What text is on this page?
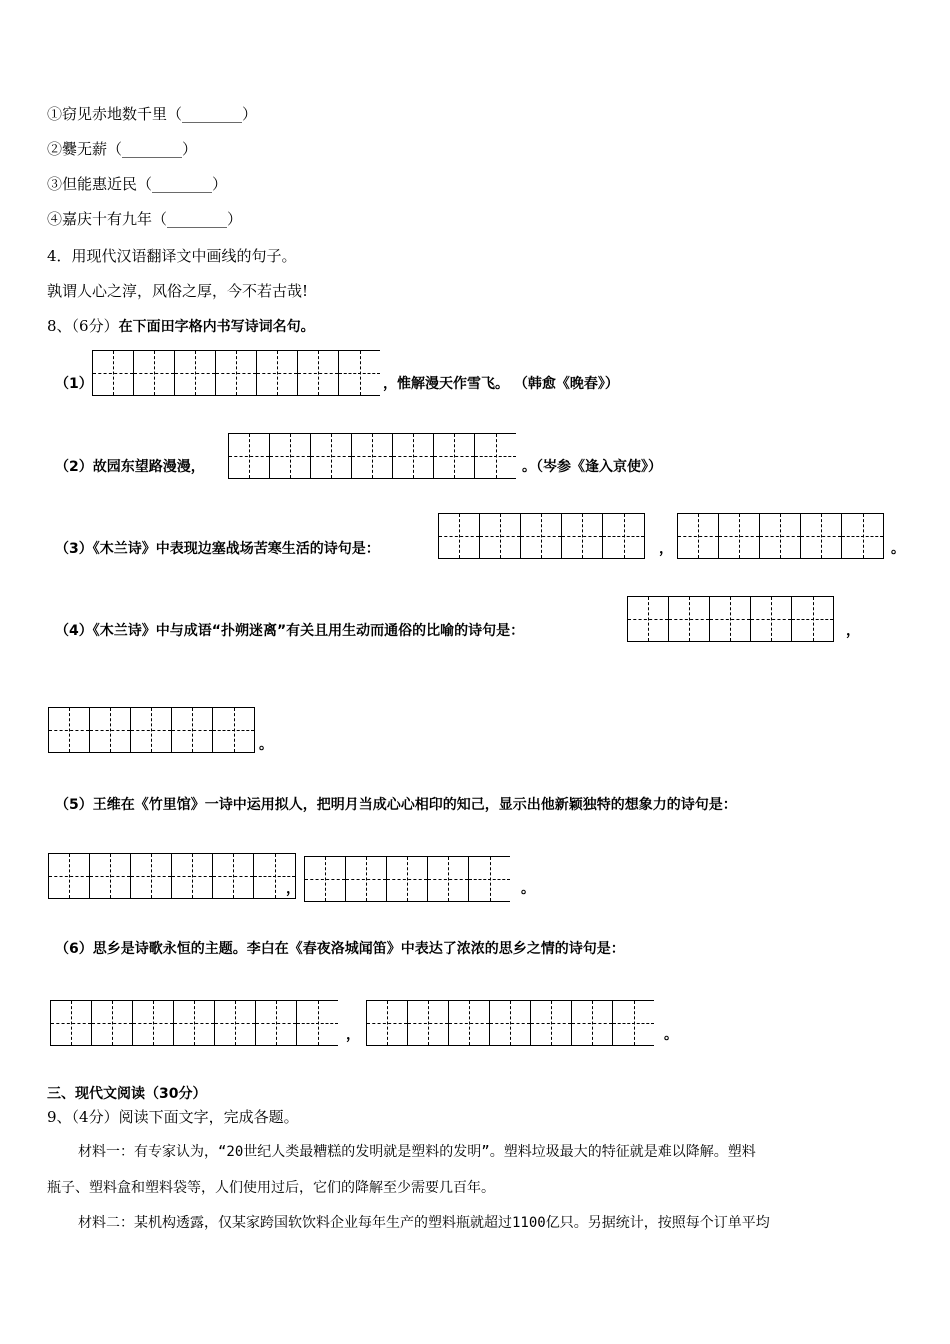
①窃见赤地数千里（________）
②爨无薪（________）
③但能惠近民（________）
④嘉庆十有九年（________）
4．用现代汉语翻译文中画线的句子。
孰谓人心之淳，风俗之厚，今不若古哉!
8、（6分）在下面田字格内书写诗词名句。
（1）	，惟解漫天作雪飞。 （韩愈《晚春》）
（2）故园东望路漫漫，	。（岑参《逢入京使》）
（3）《木兰诗》中表现边塞战场苦寒生活的诗句是：	，	。
（4）《木兰诗》中与成语“扑朔迷离”有关且用生动而通俗的比喻的诗句是：	，
。
（5）王维在《竹里馆》一诗中运用拟人，把明月当成心心相印的知己，显示出他新颖独特的想象力的诗句是：
，	。
（6）思乡是诗歌永恒的主题。李白在《春夜洛城闻笛》中表达了浓浓的思乡之情的诗句是：
，	。
三、现代文阅读（30分）
9、（4分）阅读下面文字，完成各题。
材料一：有专家认为，“20世纪人类最糟糕的发明就是塑料的发明”。塑料垃圾最大的特征就是难以降解。塑料
瓶子、塑料盒和塑料袋等，人们使用过后，它们的降解至少需要几百年。
材料二：某机构透露，仅某家跨国软饮料企业每年生产的塑料瓶就超过1100亿只。另据统计，按照每个订单平均
